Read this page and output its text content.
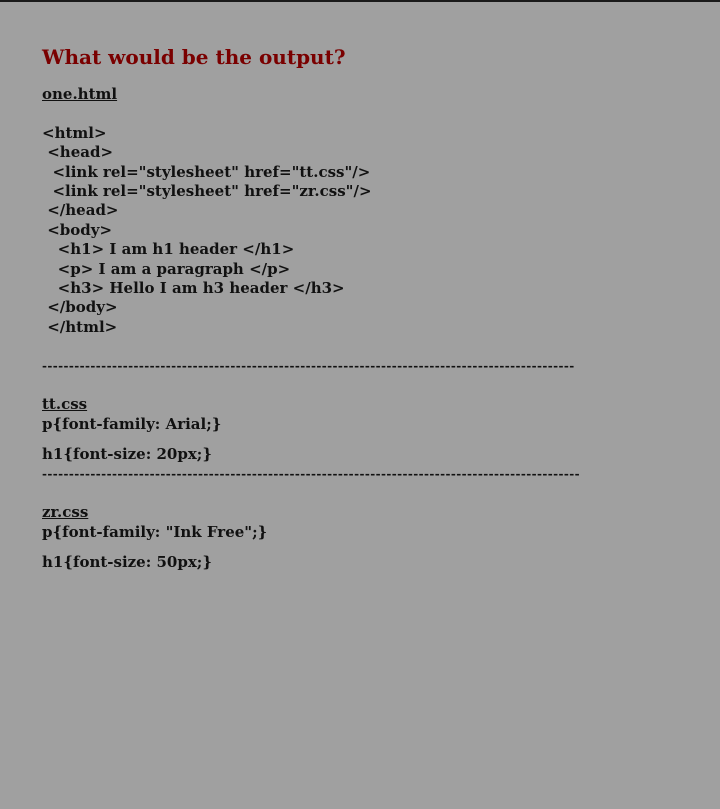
What would be the output?
one.html
<html>
<head>
<link rel="stylesheet" href="tt.css"/>
<link rel="stylesheet" href="zr.css"/>
</head>
<body>
<h1> I am h1 header </h1>
<p> I am a paragraph </p>
<h3> Hello I am h3 header </h3>
</body>
</html>
---------------------------------------------------------------------------------------------------
tt.css
p{font-family: Arial;}
h1{font-size: 20px;}
----------------------------------------------------------------------------------------------------
zr.css
p{font-family: "Ink Free";}
h1{font-size: 50px;}
